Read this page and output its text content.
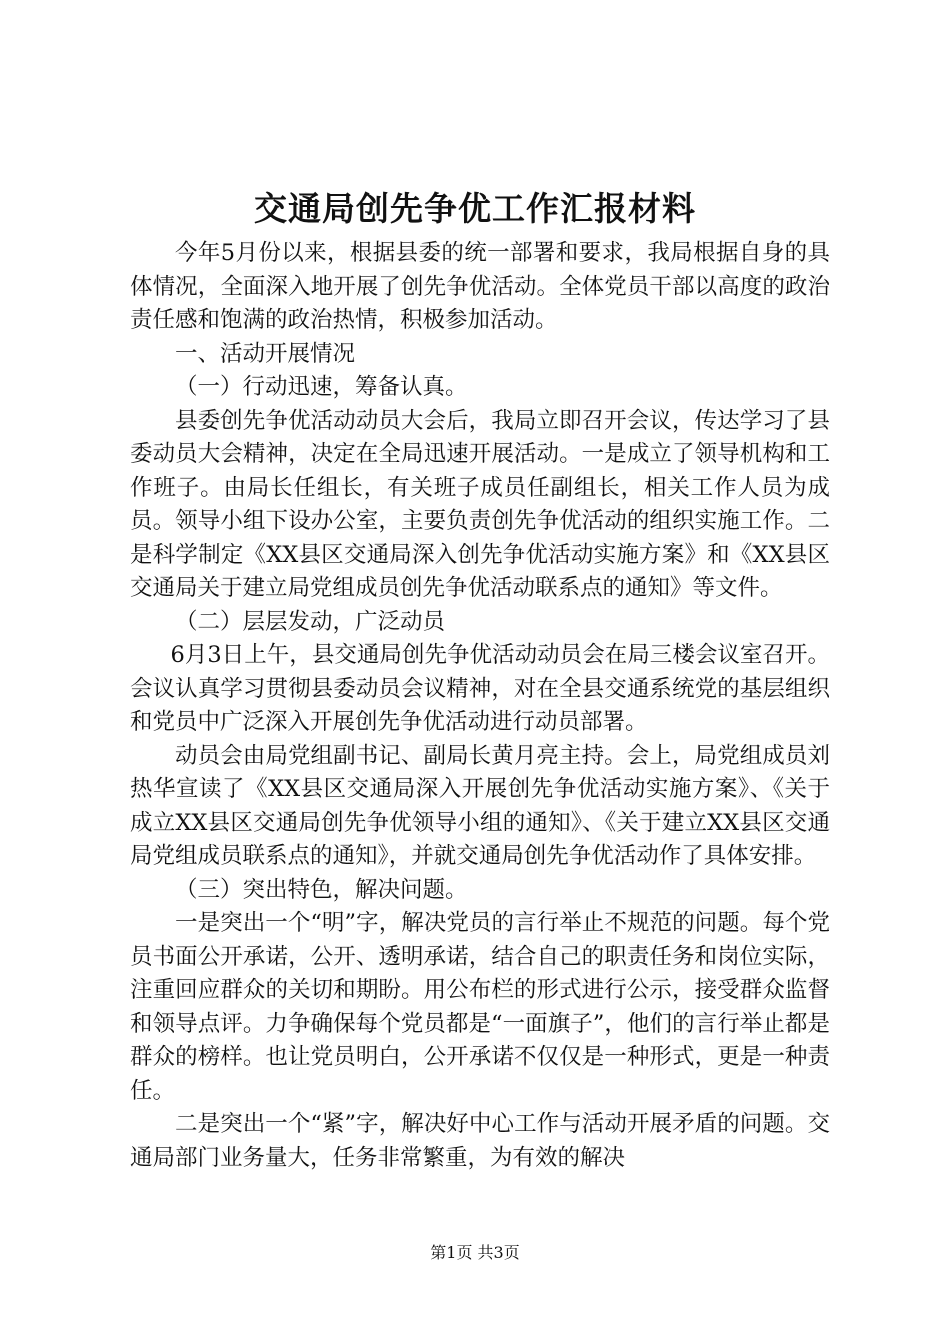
交通局创先争优工作汇报材料

今年5月份以来，根据县委的统一部署和要求，我局根据自身的具体情况，全面深入地开展了创先争优活动。全体党员干部以高度的政治责任感和饱满的政治热情，积极参加活动。

一、活动开展情况

（一）行动迅速，筹备认真。

县委创先争优活动动员大会后，我局立即召开会议，传达学习了县委动员大会精神，决定在全局迅速开展活动。一是成立了领导机构和工作班子。由局长任组长，有关班子成员任副组长，相关工作人员为成员。领导小组下设办公室，主要负责创先争优活动的组织实施工作。二是科学制定《XX县区交通局深入创先争优活动实施方案》和《XX县区交通局关于建立局党组成员创先争优活动联系点的通知》等文件。

（二）层层发动，广泛动员

6月3日上午，县交通局创先争优活动动员会在局三楼会议室召开。会议认真学习贯彻县委动员会议精神，对在全县交通系统党的基层组织和党员中广泛深入开展创先争优活动进行动员部署。

动员会由局党组副书记、副局长黄月亮主持。会上，局党组成员刘热华宣读了《XX县区交通局深入开展创先争优活动实施方案》、《关于成立XX县区交通局创先争优领导小组的通知》、《关于建立XX县区交通局党组成员联系点的通知》，并就交通局创先争优活动作了具体安排。

（三）突出特色，解决问题。

一是突出一个“明”字，解决党员的言行举止不规范的问题。每个党员书面公开承诺，公开、透明承诺，结合自己的职责任务和岗位实际，注重回应群众的关切和期盼。用公布栏的形式进行公示，接受群众监督和领导点评。力争确保每个党员都是“一面旗子”，他们的言行举止都是群众的榜样。也让党员明白，公开承诺不仅仅是一种形式，更是一种责任。

二是突出一个“紧”字，解决好中心工作与活动开展矛盾的问题。交通局部门业务量大，任务非常繁重，为有效的解决

第1页 共3页
